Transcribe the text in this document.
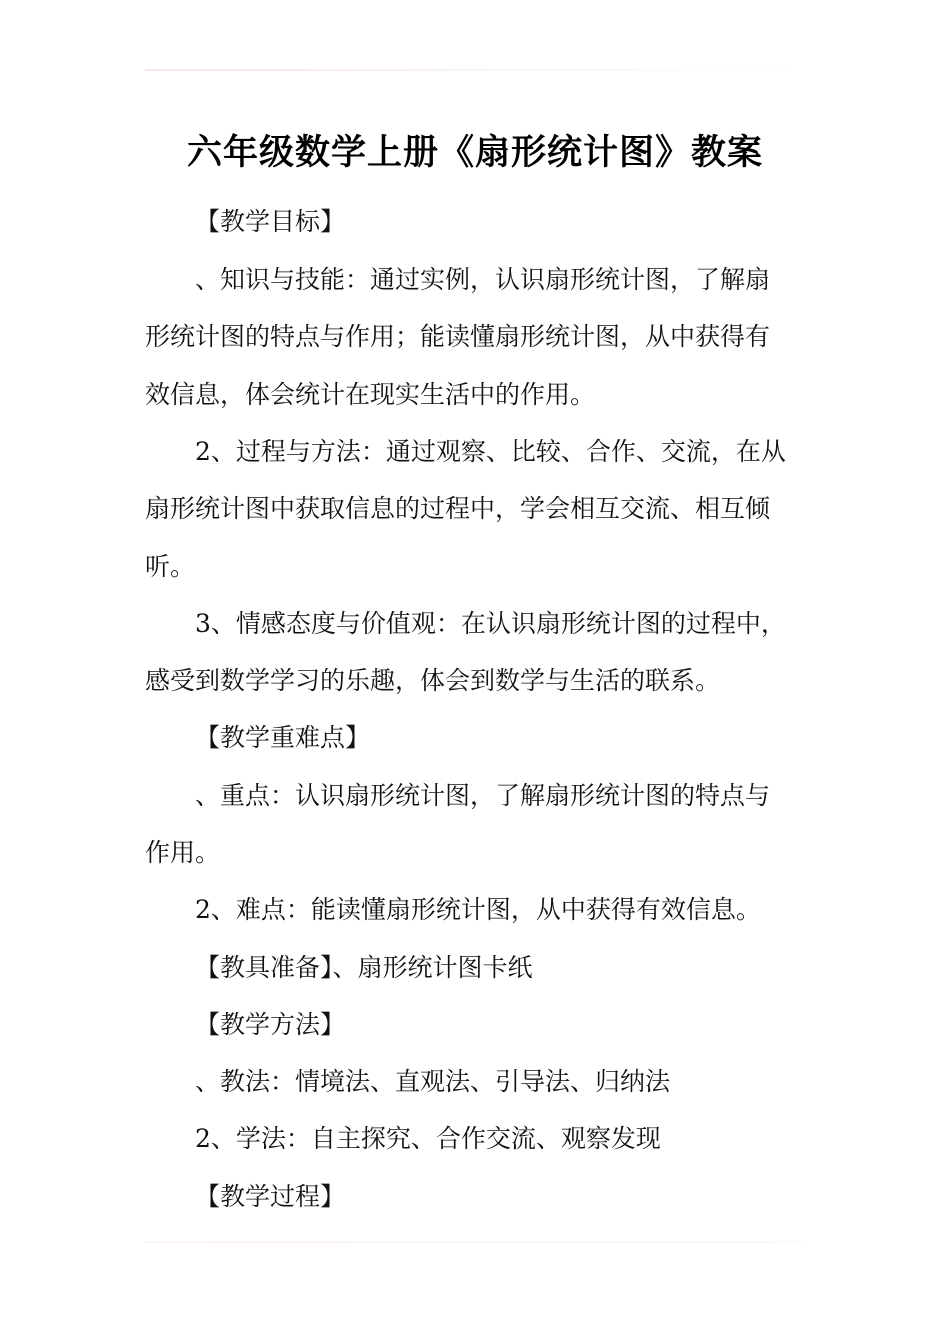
六年级数学上册《扇形统计图》教案

【教学目标】

、知识与技能：通过实例，认识扇形统计图，了解扇

形统计图的特点与作用；能读懂扇形统计图，从中获得有

效信息，体会统计在现实生活中的作用。

2、过程与方法：通过观察、比较、合作、交流，在从

扇形统计图中获取信息的过程中，学会相互交流、相互倾

听。

3、情感态度与价值观：在认识扇形统计图的过程中，

感受到数学学习的乐趣，体会到数学与生活的联系。

【教学重难点】

、重点：认识扇形统计图，了解扇形统计图的特点与

作用。

2、难点：能读懂扇形统计图，从中获得有效信息。

【教具准备】、扇形统计图卡纸

【教学方法】

、教法：情境法、直观法、引导法、归纳法

2、学法：自主探究、合作交流、观察发现

【教学过程】
